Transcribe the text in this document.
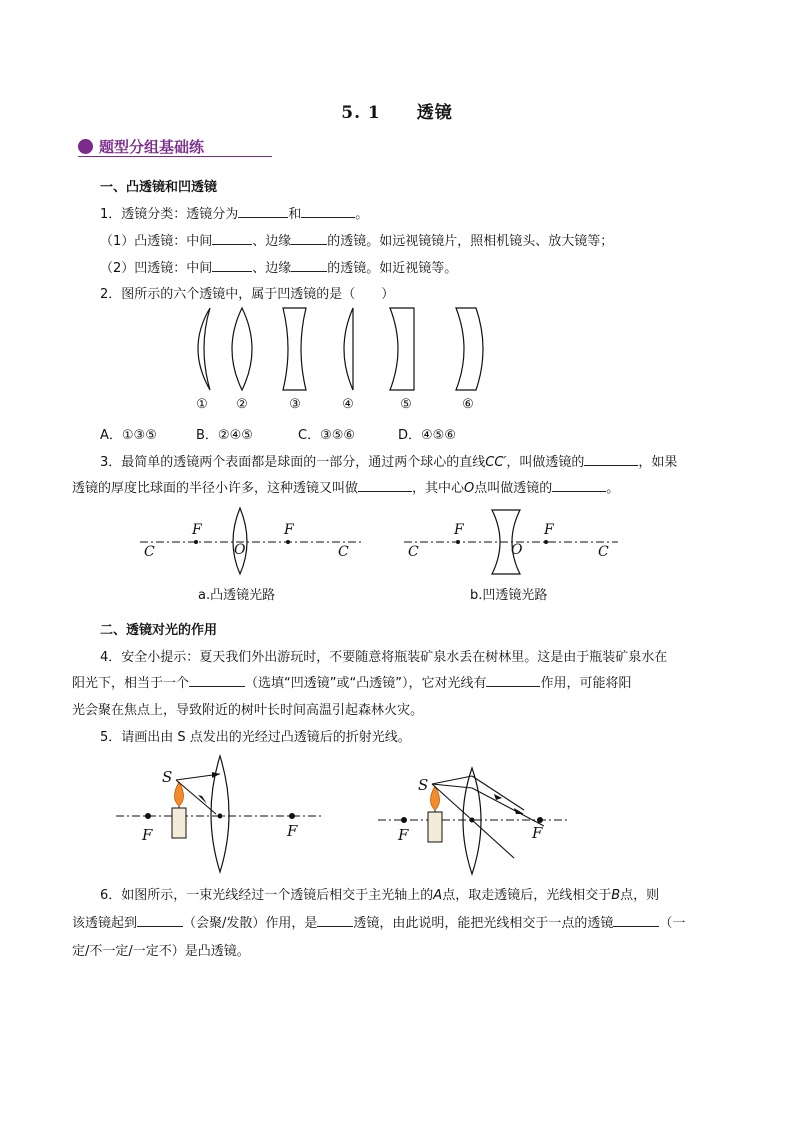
5. 1　　透镜
题型分组基础练
一、凸透镜和凹透镜
1．透镜分类：透镜分为	和	。
（1）凸透镜：中间	、边缘	的透镜。如远视镜镜片，照相机镜头、放大镜等；
（2）凹透镜：中间	、边缘	的透镜。如近视镜等。
2．图所示的六个透镜中，属于凹透镜的是（　　）
① ②	③	④	⑤	⑥
A．①③⑤	B．②④⑤	C．③⑤⑥	D．④⑤⑥
3．最简单的透镜两个表面都是球面的一部分，通过两个球心的直线CC′，叫做透镜的	，如果
透镜的厚度比球面的半径小许多，这种透镜又叫做	，其中心O点叫做透镜的	。
F	F
O
C	C
a.凸透镜光路
F	F
O
C	C
b.凹透镜光路
二、透镜对光的作用
4．安全小提示：夏天我们外出游玩时，不要随意将瓶装矿泉水丢在树林里。这是由于瓶装矿泉水在
阳光下，相当于一个	（选填“凹透镜”或“凸透镜”），它对光线有	作用，可能将阳
光会聚在焦点上，导致附近的树叶长时间高温引起森林火灾。
5．请画出由 S 点发出的光经过凸透镜后的折射光线。
S
F	F
S
F	F
6．如图所示，一束光线经过一个透镜后相交于主光轴上的A点，取走透镜后，光线相交于B点，则
该透镜起到	（会聚/发散）作用，是	透镜，由此说明，能把光线相交于一点的透镜	（一
定/不一定/一定不）是凸透镜。
